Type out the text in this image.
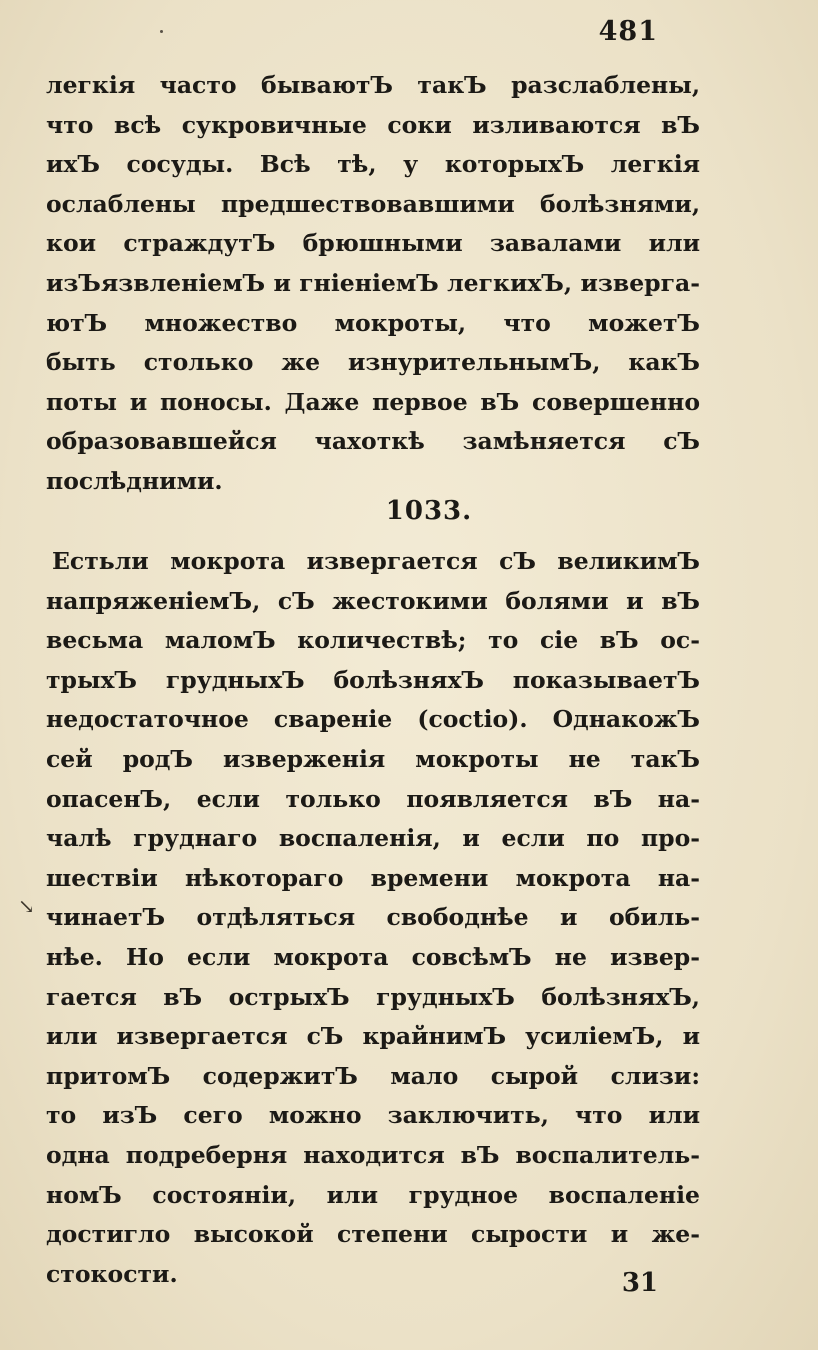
481
легкія часто бываютЪ такЪ разслаблены,
что всѣ сукровичные соки изливаются вЪ
ихЪ сосуды. Всѣ тѣ, у которыхЪ легкія
ослаблены предшествовавшими болѣзнями,
кои страждутЪ брюшными завалами или
изЪязвленіемЪ и гніеніемЪ легкихЪ, изверга-
ютЪ множество мокроты, что можетЪ
быть столько же изнурительнымЪ, какЪ
поты и поносы. Даже первое вЪ совершенно
образовавшейся чахоткѣ замѣняется сЪ
послѣдними.
1033.
Естьли мокрота извергается сЪ великимЪ
напряженіемЪ, сЪ жестокими болями и вЪ
весьма маломЪ количествѣ; то сіе вЪ ос-
трыхЪ грудныхЪ болѣзняхЪ показываетЪ
недостаточное свареніе (coctio). ОднакожЪ
сей родЪ изверженія мокроты не такЪ
опасенЪ, если только появляется вЪ на-
чалѣ груднаго воспаленія, и если по про-
шествіи нѣкотораго времени мокрота на-
чинаетЪ отдѣляться свободнѣе и обиль-
нѣе. Но если мокрота совсѣмЪ не извер-
гается вЪ острыхЪ грудныхЪ болѣзняхЪ,
или извергается сЪ крайнимЪ усиліемЪ, и
притомЪ содержитЪ мало сырой слизи:
то изЪ сего можно заключить, что или
одна подреберня находится вЪ воспалитель-
номЪ состояніи, или грудное воспаленіе
достигло высокой степени сырости и же-
стокости.
↘
31
